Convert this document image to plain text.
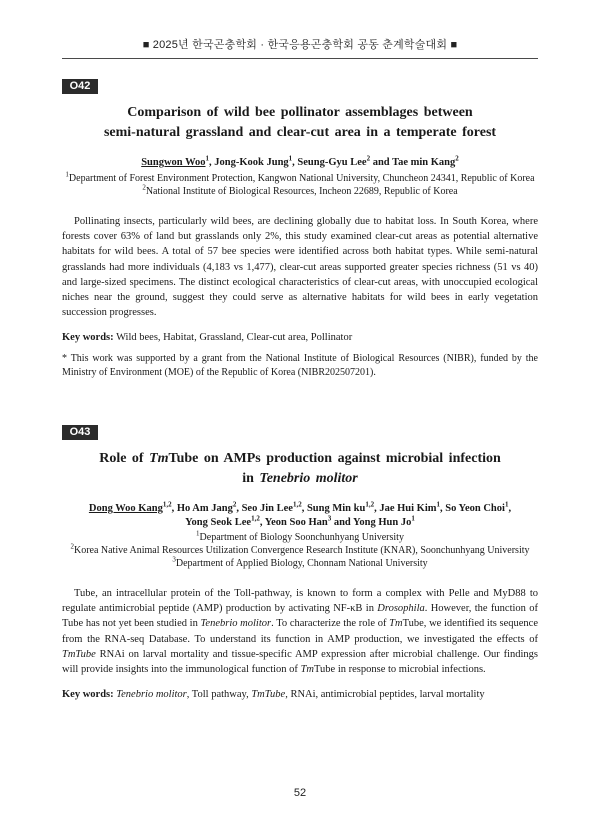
■ 2025년 한국곤충학회 · 한국응용곤충학회 공동 춘계학술대회 ■
O42
Comparison of wild bee pollinator assemblages between
semi-natural grassland and clear-cut area in a temperate forest
Sungwon Woo$^1$, Jong-Kook Jung$^1$, Seung-Gyu Lee$^2$ and Tae min Kang$^2$
$^1$Department of Forest Environment Protection, Kangwon National University, Chuncheon 24341, Republic of Korea
$^2$National Institute of Biological Resources, Incheon 22689, Republic of Korea

Pollinating insects, particularly wild bees, are declining globally due to habitat loss. In South Korea, where forests cover 63% of land but grasslands only 2%, this study examined clear-cut areas as potential alternative habitats for wild bees. A total of 57 bee species were identified across both habitat types. While semi-natural grasslands had more individuals (4,183 vs 1,477), clear-cut areas supported greater species richness (51 vs 40) and large-sized specimens. The distinct ecological characteristics of clear-cut areas, with unoccupied ecological niches near the ground, suggest they could serve as alternative habitats for wild bees in early vegetation succession progresses.

Key words: Wild bees, Habitat, Grassland, Clear-cut area, Pollinator

* This work was supported by a grant from the National Institute of Biological Resources (NIBR), funded by the Ministry of Environment (MOE) of the Republic of Korea (NIBR202507201).

O43
Role of TmTube on AMPs production against microbial infection
in Tenebrio molitor
Dong Woo Kang$^{1,2}$, Ho Am Jang$^2$, Seo Jin Lee$^{1,2}$, Sung Min ku$^{1,2}$, Jae Hui Kim$^1$, So Yeon Choi$^1$,
Yong Seok Lee$^{1,2}$, Yeon Soo Han$^3$ and Yong Hun Jo$^1$
$^1$Department of Biology Soonchunhyang University
$^2$Korea Native Animal Resources Utilization Convergence Research Institute (KNAR), Soonchunhyang University
$^3$Department of Applied Biology, Chonnam National University

Tube, an intracellular protein of the Toll-pathway, is known to form a complex with Pelle and MyD88 to regulate antimicrobial peptide (AMP) production by activating NF-κB in Drosophila. However, the function of Tube has not yet been studied in Tenebrio molitor. To characterize the role of TmTube, we identified its sequence from the RNA-seq Database. To understand its function in AMP production, we investigated the effects of TmTube RNAi on larval mortality and tissue-specific AMP expression after microbial challenge. Our findings will provide insights into the immunological function of TmTube in response to microbial infections.

Key words: Tenebrio molitor, Toll pathway, TmTube, RNAi, antimicrobial peptides, larval mortality

52
